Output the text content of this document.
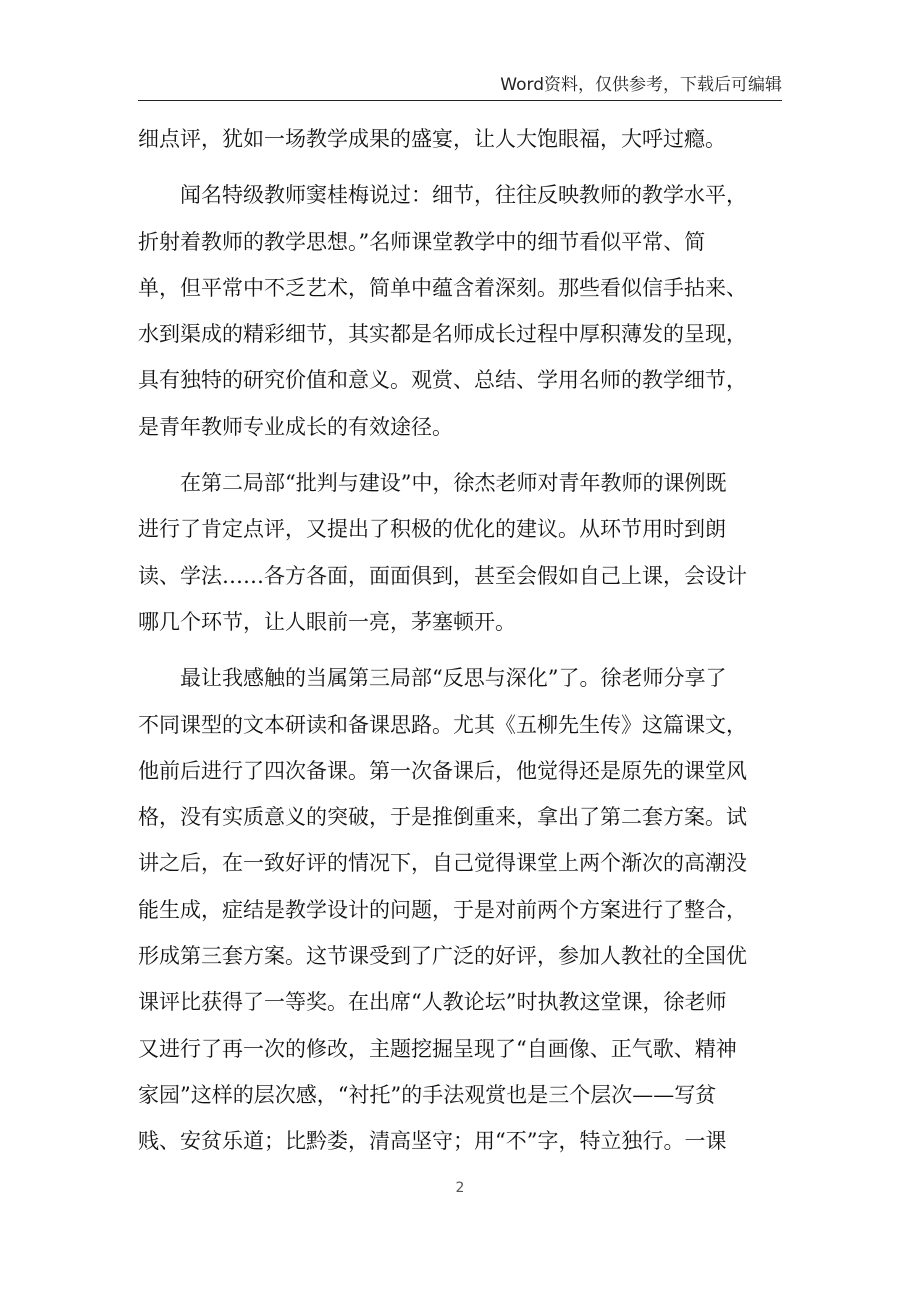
Word资料，仅供参考，下载后可编辑
细点评，犹如一场教学成果的盛宴，让人大饱眼福，大呼过瘾。
　　闻名特级教师窦桂梅说过：细节，往往反映教师的教学水平，
折射着教师的教学思想。”名师课堂教学中的细节看似平常、简
单，但平常中不乏艺术，简单中蕴含着深刻。那些看似信手拈来、
水到渠成的精彩细节，其实都是名师成长过程中厚积薄发的呈现，
具有独特的研究价值和意义。观赏、总结、学用名师的教学细节，
是青年教师专业成长的有效途径。
　　在第二局部“批判与建设”中，徐杰老师对青年教师的课例既
进行了肯定点评，又提出了积极的优化的建议。从环节用时到朗
读、学法……各方各面，面面俱到，甚至会假如自己上课，会设计
哪几个环节，让人眼前一亮，茅塞顿开。
　　最让我感触的当属第三局部“反思与深化”了。徐老师分享了
不同课型的文本研读和备课思路。尤其《五柳先生传》这篇课文，
他前后进行了四次备课。第一次备课后，他觉得还是原先的课堂风
格，没有实质意义的突破，于是推倒重来，拿出了第二套方案。试
讲之后，在一致好评的情况下，自己觉得课堂上两个渐次的高潮没
能生成，症结是教学设计的问题，于是对前两个方案进行了整合，
形成第三套方案。这节课受到了广泛的好评，参加人教社的全国优
课评比获得了一等奖。在出席“人教论坛”时执教这堂课，徐老师
又进行了再一次的修改，主题挖掘呈现了“自画像、正气歌、精神
家园”这样的层次感，“衬托”的手法观赏也是三个层次——写贫
贱、安贫乐道；比黔娄，清高坚守；用“不”字，特立独行。一课
2
